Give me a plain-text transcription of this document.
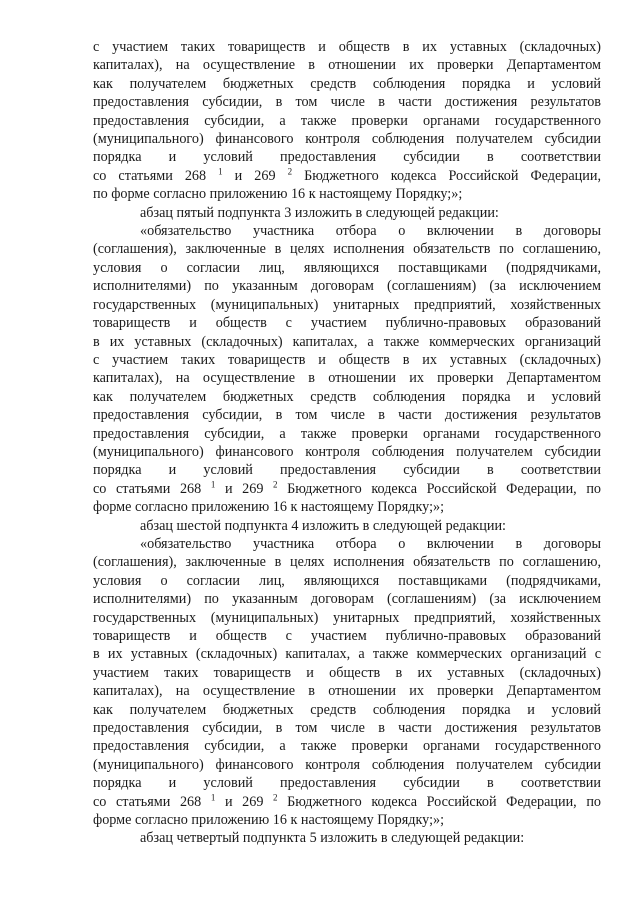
с участием таких товариществ и обществ в их уставных (складочных)
капиталах), на осуществление в отношении их проверки Департаментом
как получателем бюджетных средств соблюдения порядка и условий
предоставления субсидии, в том числе в части достижения результатов
предоставления субсидии, а также проверки органами государственного
(муниципального) финансового контроля соблюдения получателем субсидии
порядка и условий предоставления субсидии в соответствии
со статьями 268 $^1$ и 269 $^2$ Бюджетного кодекса Российской Федерации,
по форме согласно приложению 16 к настоящему Порядку;»;

абзац пятый подпункта 3 изложить в следующей редакции:

«обязательство участника отбора о включении в договоры
(соглашения), заключенные в целях исполнения обязательств по соглашению,
условия о согласии лиц, являющихся поставщиками (подрядчиками,
исполнителями) по указанным договорам (соглашениям) (за исключением
государственных (муниципальных) унитарных предприятий, хозяйственных
товариществ и обществ с участием публично-правовых образований
в их уставных (складочных) капиталах, а также коммерческих организаций
с участием таких товариществ и обществ в их уставных (складочных)
капиталах), на осуществление в отношении их проверки Департаментом
как получателем бюджетных средств соблюдения порядка и условий
предоставления субсидии, в том числе в части достижения результатов
предоставления субсидии, а также проверки органами государственного
(муниципального) финансового контроля соблюдения получателем субсидии
порядка и условий предоставления субсидии в соответствии
со статьями 268 $^1$ и 269 $^2$ Бюджетного кодекса Российской Федерации, по
форме согласно приложению 16 к настоящему Порядку;»;

абзац шестой подпункта 4 изложить в следующей редакции:

«обязательство участника отбора о включении в договоры
(соглашения), заключенные в целях исполнения обязательств по соглашению,
условия о согласии лиц, являющихся поставщиками (подрядчиками,
исполнителями) по указанным договорам (соглашениям) (за исключением
государственных (муниципальных) унитарных предприятий, хозяйственных
товариществ и обществ с участием публично-правовых образований
в их уставных (складочных) капиталах, а также коммерческих организаций с
участием таких товариществ и обществ в их уставных (складочных)
капиталах), на осуществление в отношении их проверки Департаментом
как получателем бюджетных средств соблюдения порядка и условий
предоставления субсидии, в том числе в части достижения результатов
предоставления субсидии, а также проверки органами государственного
(муниципального) финансового контроля соблюдения получателем субсидии
порядка и условий предоставления субсидии в соответствии
со статьями 268 $^1$ и 269 $^2$ Бюджетного кодекса Российской Федерации, по
форме согласно приложению 16 к настоящему Порядку;»;

абзац четвертый подпункта 5 изложить в следующей редакции:
